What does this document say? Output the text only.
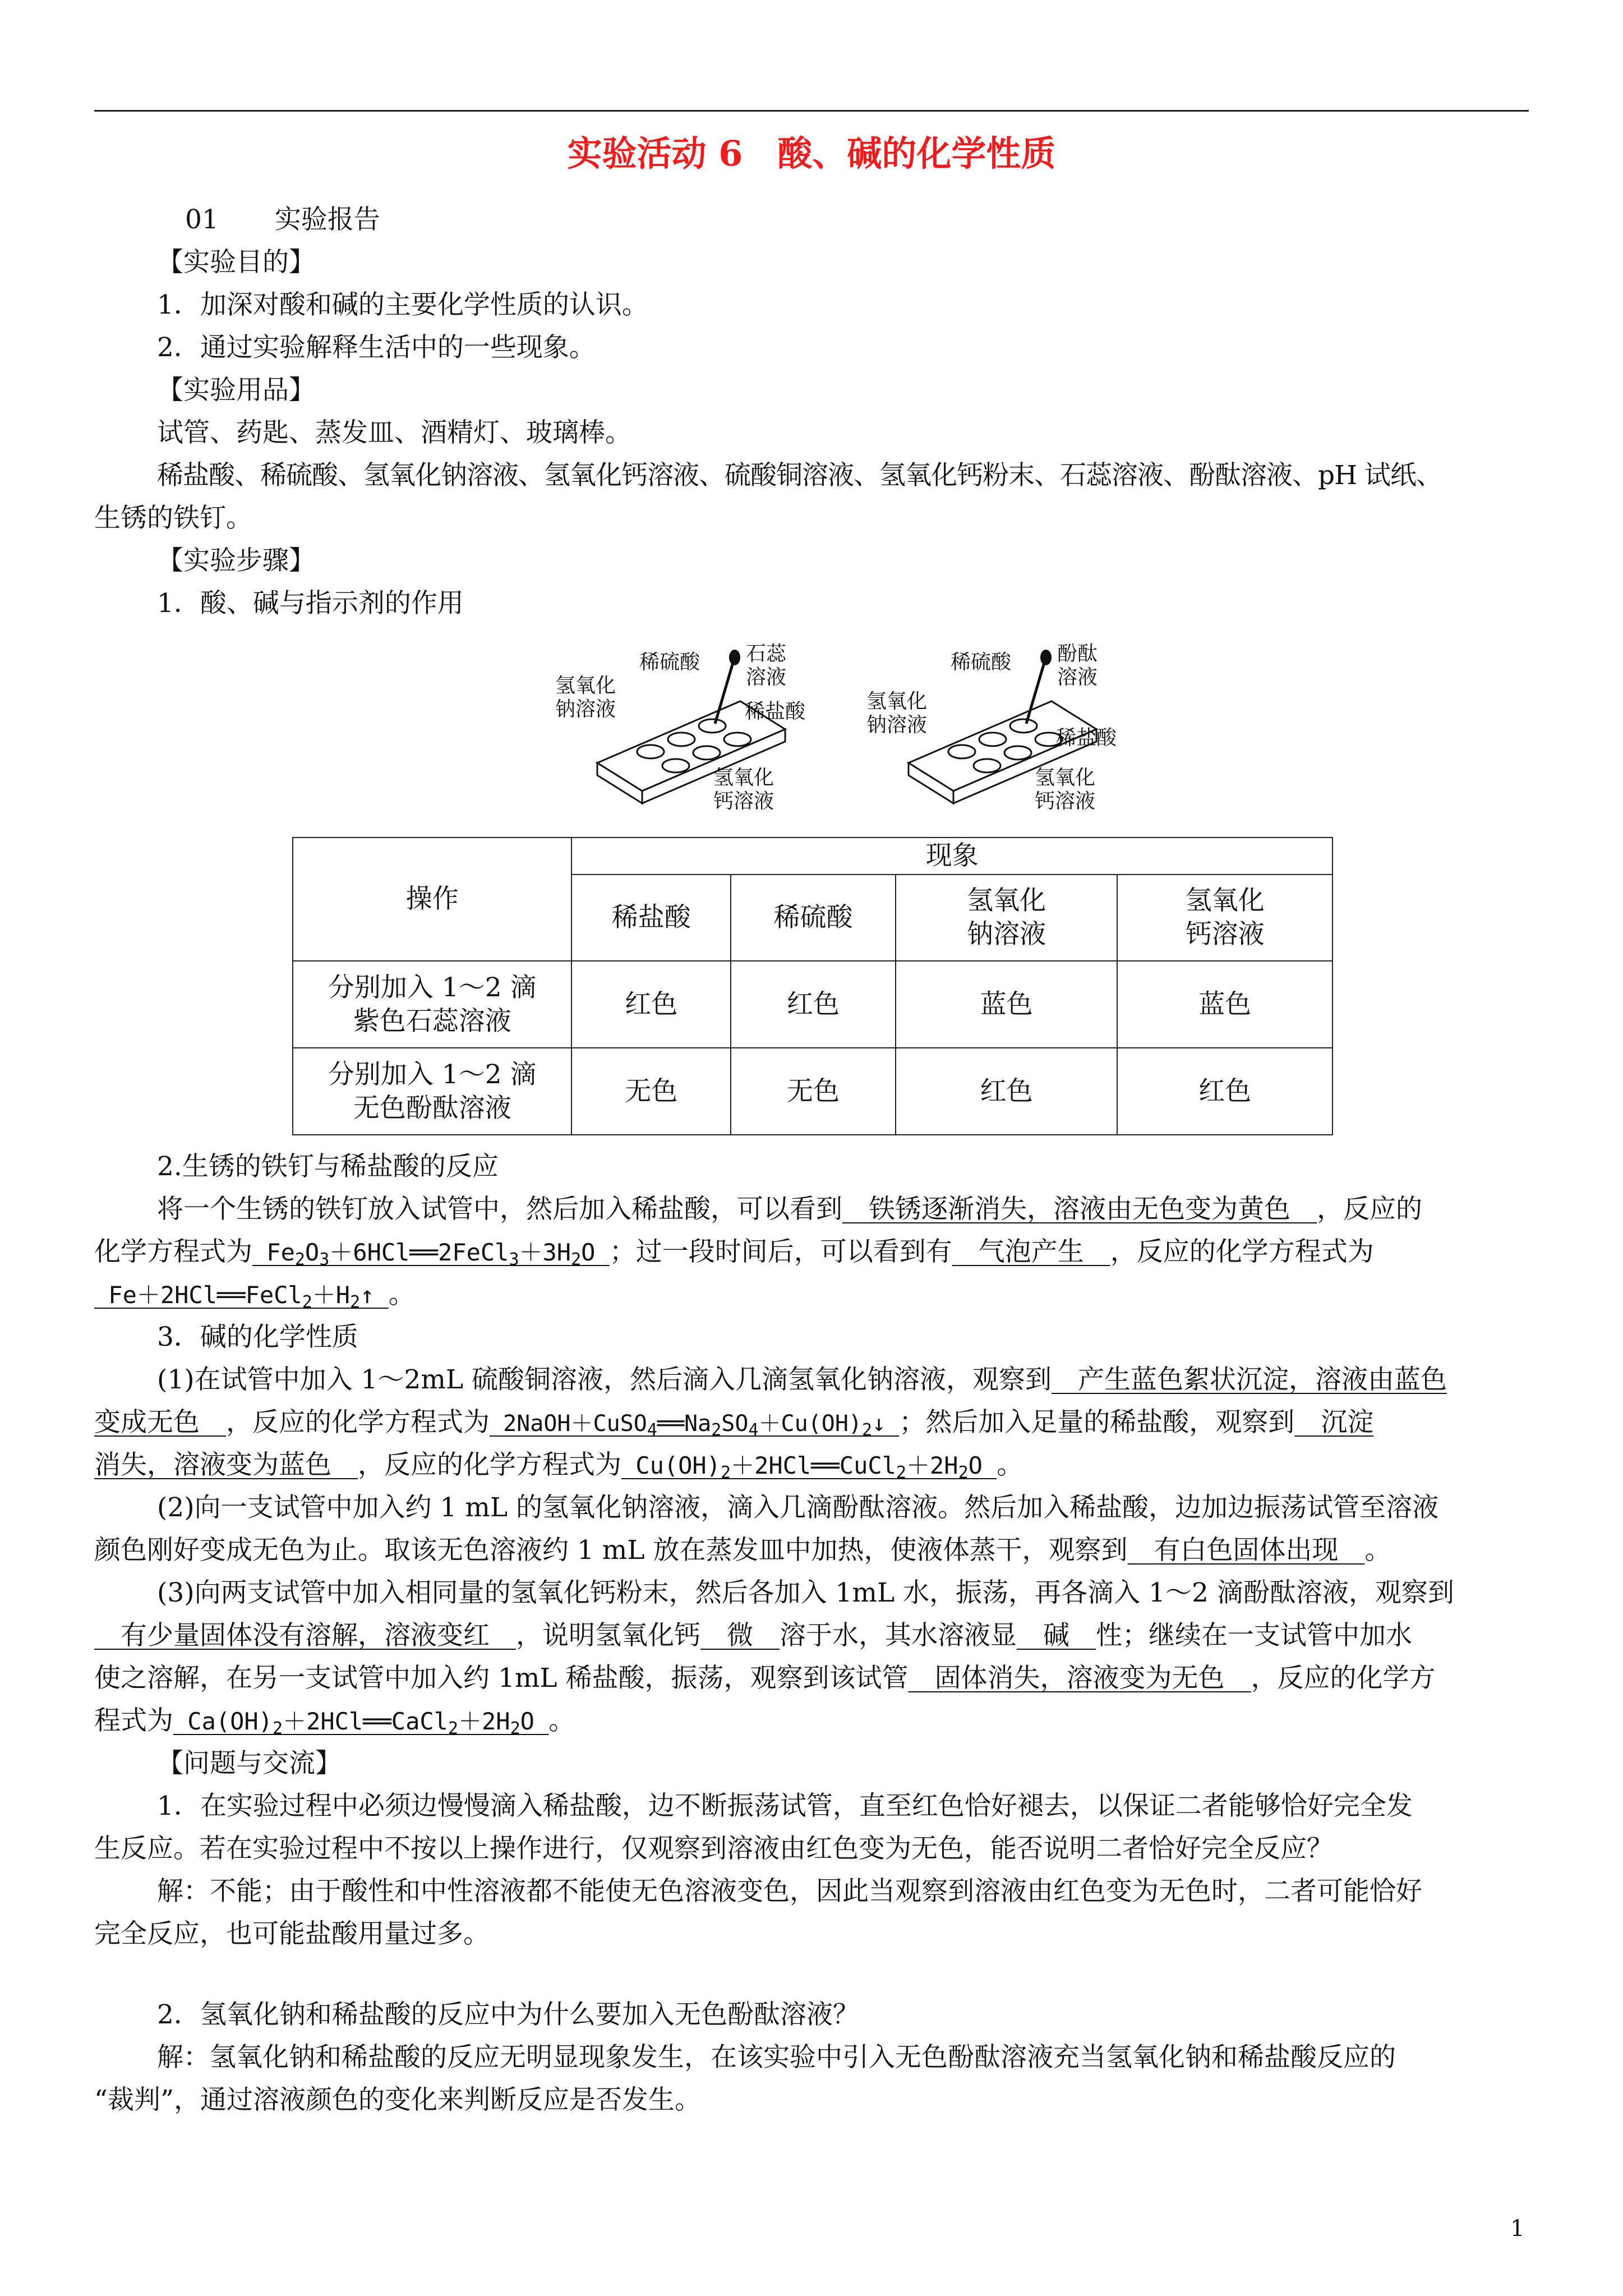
实验活动 6　酸、碱的化学性质
01 实验报告
【实验目的】
1．加深对酸和碱的主要化学性质的认识。
2．通过实验解释生活中的一些现象。
【实验用品】
试管、药匙、蒸发皿、酒精灯、玻璃棒。
稀盐酸、稀硫酸、氢氧化钠溶液、氢氧化钙溶液、硫酸铜溶液、氢氧化钙粉末、石蕊溶液、酚酞溶液、pH 试纸、
生锈的铁钉。
【实验步骤】
1．酸、碱与指示剂的作用
稀硫酸 石蕊
溶液
氢氧化
钠溶液	稀盐酸
氢氧化
钙溶液
稀硫酸 酚酞
溶液
氢氧化
钠溶液
稀盐酸
氢氧化
钙溶液
操作	现象			
	稀盐酸	稀硫酸	氢氧化
钠溶液	氢氧化
钙溶液
分别加入 1～2 滴
紫色石蕊溶液	红色	红色	蓝色	蓝色
分别加入 1～2 滴
无色酚酞溶液	无色	无色	红色	红色
2.生锈的铁钉与稀盐酸的反应
将一个生锈的铁钉放入试管中，然后加入稀盐酸，可以看到  铁锈逐渐消失，溶液由无色变为黄色  ，反应的
化学方程式为 $Fe_2O_3+6HCl══2FeCl_3+3H_2O$ ；过一段时间后，可以看到有  气泡产生  ，反应的化学方程式为
 $Fe+2HCl══FeCl_2+H_2↑$ 。
3．碱的化学性质
(1)在试管中加入 1～2mL 硫酸铜溶液，然后滴入几滴氢氧化钠溶液，观察到  产生蓝色絮状沉淀，溶液由蓝色
变成无色  ，反应的化学方程式为 $2NaOH+CuSO_4══Na_2SO_4+Cu(OH)_2↓$ ；然后加入足量的稀盐酸，观察到  沉淀
消失，溶液变为蓝色  ，反应的化学方程式为 $Cu(OH)_2+2HCl══CuCl_2+2H_2O$ 。
(2)向一支试管中加入约 1 mL 的氢氧化钠溶液，滴入几滴酚酞溶液。然后加入稀盐酸，边加边振荡试管至溶液
颜色刚好变成无色为止。取该无色溶液约 1 mL 放在蒸发皿中加热，使液体蒸干，观察到  有白色固体出现  。
(3)向两支试管中加入相同量的氢氧化钙粉末，然后各加入 1mL 水，振荡，再各滴入 1～2 滴酚酞溶液，观察到
 有少量固体没有溶解，溶液变红  ，说明氢氧化钙  微  溶于水，其水溶液显  碱  性；继续在一支试管中加水
使之溶解，在另一支试管中加入约 1mL 稀盐酸，振荡，观察到该试管  固体消失，溶液变为无色  ，反应的化学方
程式为 $Ca(OH)_2+2HCl══CaCl_2+2H_2O$ 。
【问题与交流】
1．在实验过程中必须边慢慢滴入稀盐酸，边不断振荡试管，直至红色恰好褪去，以保证二者能够恰好完全发
生反应。若在实验过程中不按以上操作进行，仅观察到溶液由红色变为无色，能否说明二者恰好完全反应？
解：不能；由于酸性和中性溶液都不能使无色溶液变色，因此当观察到溶液由红色变为无色时，二者可能恰好
完全反应，也可能盐酸用量过多。
2．氢氧化钠和稀盐酸的反应中为什么要加入无色酚酞溶液？
解：氢氧化钠和稀盐酸的反应无明显现象发生，在该实验中引入无色酚酞溶液充当氢氧化钠和稀盐酸反应的
“裁判”，通过溶液颜色的变化来判断反应是否发生。
1
